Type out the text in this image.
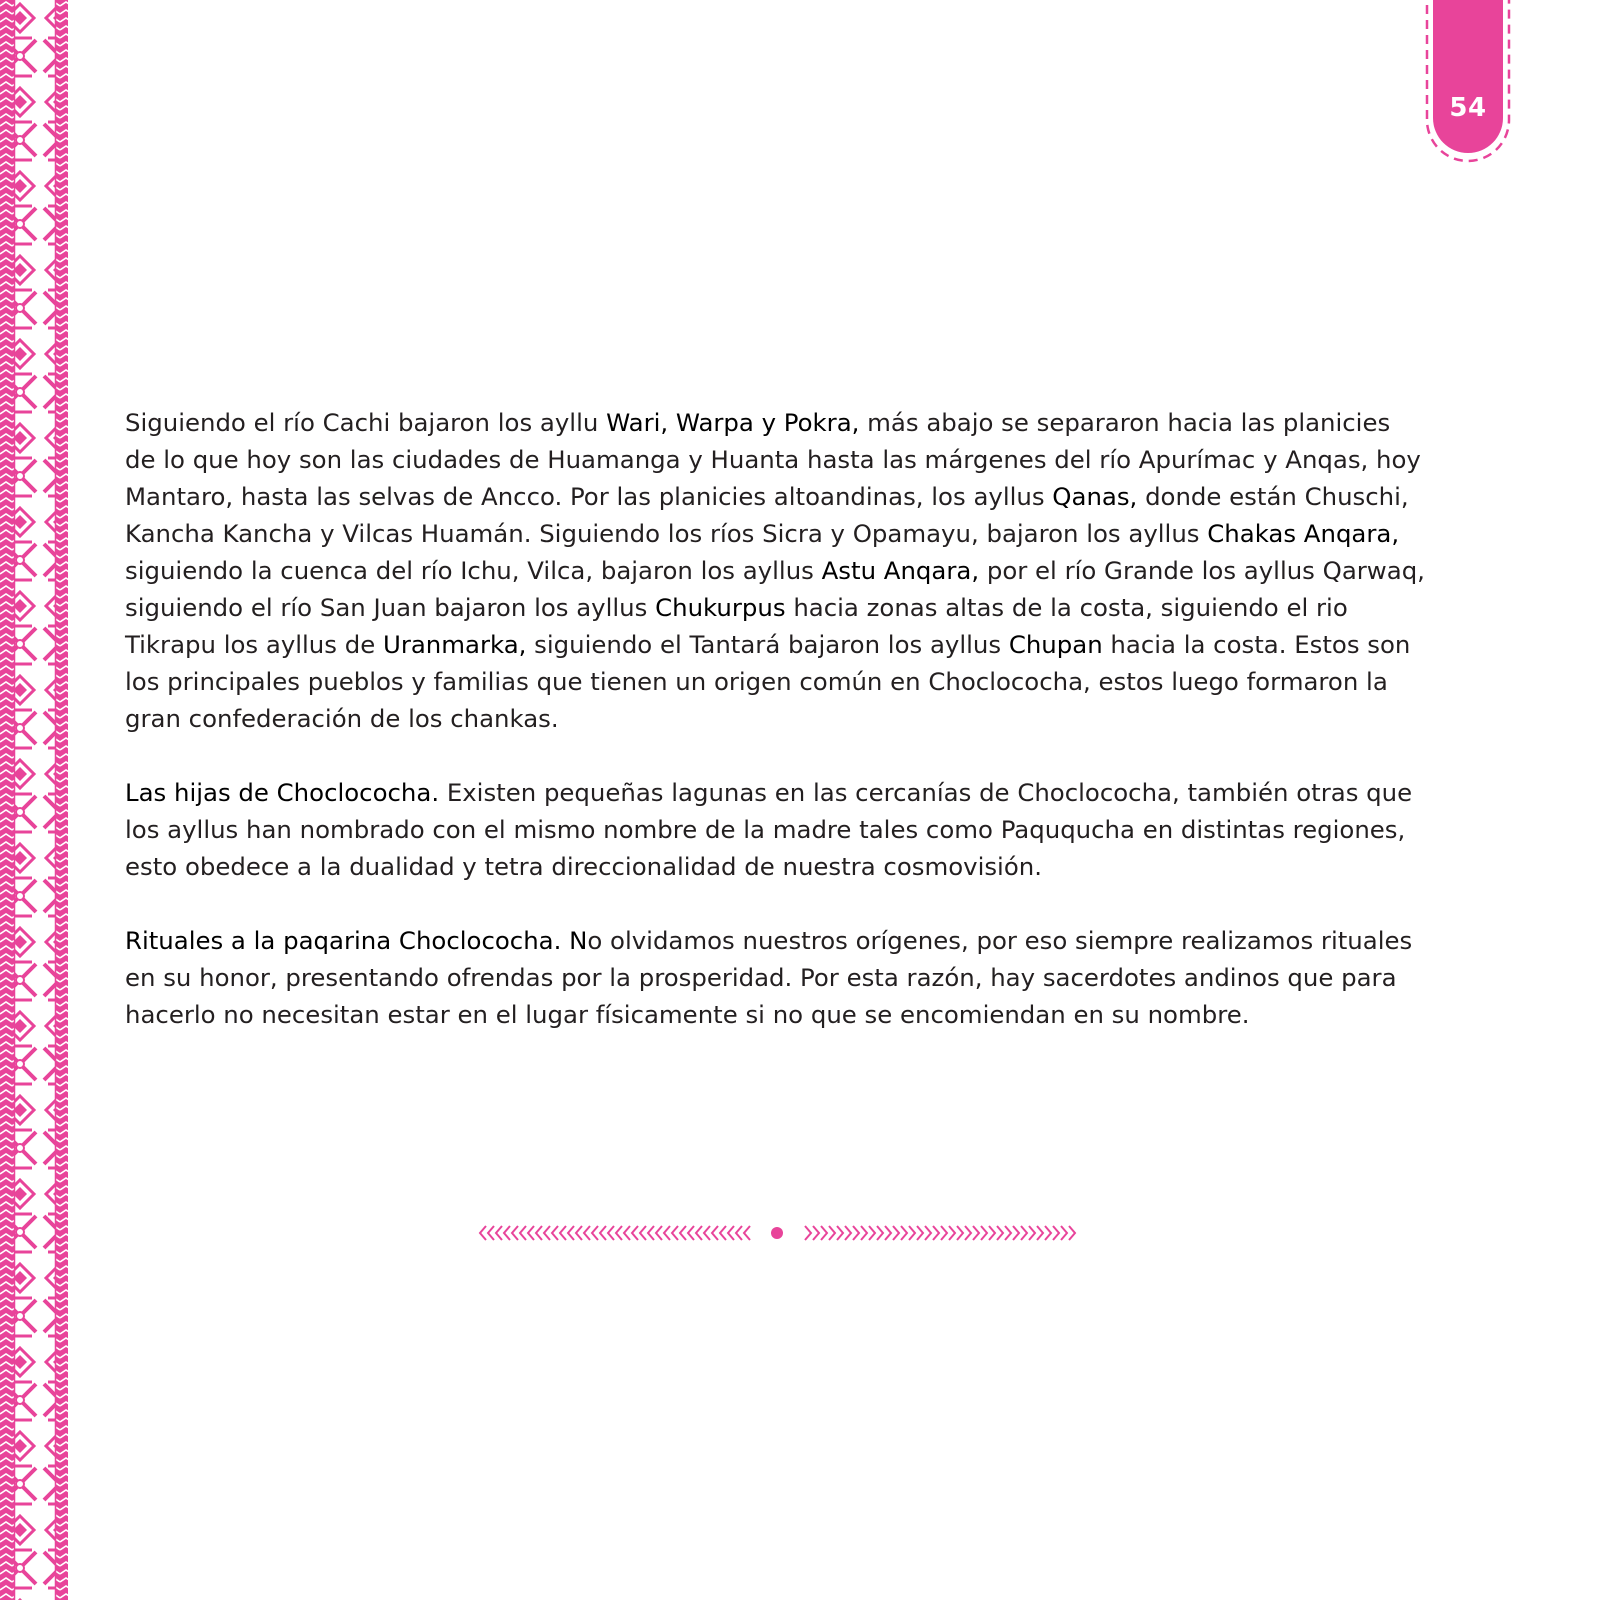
54

Siguiendo el río Cachi bajaron los ayllu Wari, Warpa y Pokra, más abajo se separaron hacia las planicies de lo que hoy son las ciudades de Huamanga y Huanta hasta las márgenes del río Apurímac y Anqas, hoy Mantaro, hasta las selvas de Ancco. Por las planicies altoandinas, los ayllus Qanas, donde están Chuschi, Kancha Kancha y Vilcas Huamán. Siguiendo los ríos Sicra y Opamayu, bajaron los ayllus Chakas Anqara, siguiendo la cuenca del río Ichu, Vilca, bajaron los ayllus Astu Anqara, por el río Grande los ayllus Qarwaq, siguiendo el río San Juan bajaron los ayllus Chukurpus hacia zonas altas de la costa, siguiendo el rio Tikrapu los ayllus de Uranmarka, siguiendo el Tantará bajaron los ayllus Chupan hacia la costa. Estos son los principales pueblos y familias que tienen un origen común en Choclococha, estos luego formaron la gran confederación de los chankas.

Las hijas de Choclococha. Existen pequeñas lagunas en las cercanías de Choclococha, también otras que los ayllus han nombrado con el mismo nombre de la madre tales como Paququcha en distintas regiones, esto obedece a la dualidad y tetra direccionalidad de nuestra cosmovisión.

Rituales a la paqarina Choclococha. No olvidamos nuestros orígenes, por eso siempre realizamos rituales en su honor, presentando ofrendas por la prosperidad. Por esta razón, hay sacerdotes andinos que para hacerlo no necesitan estar en el lugar físicamente si no que se encomiendan en su nombre.
